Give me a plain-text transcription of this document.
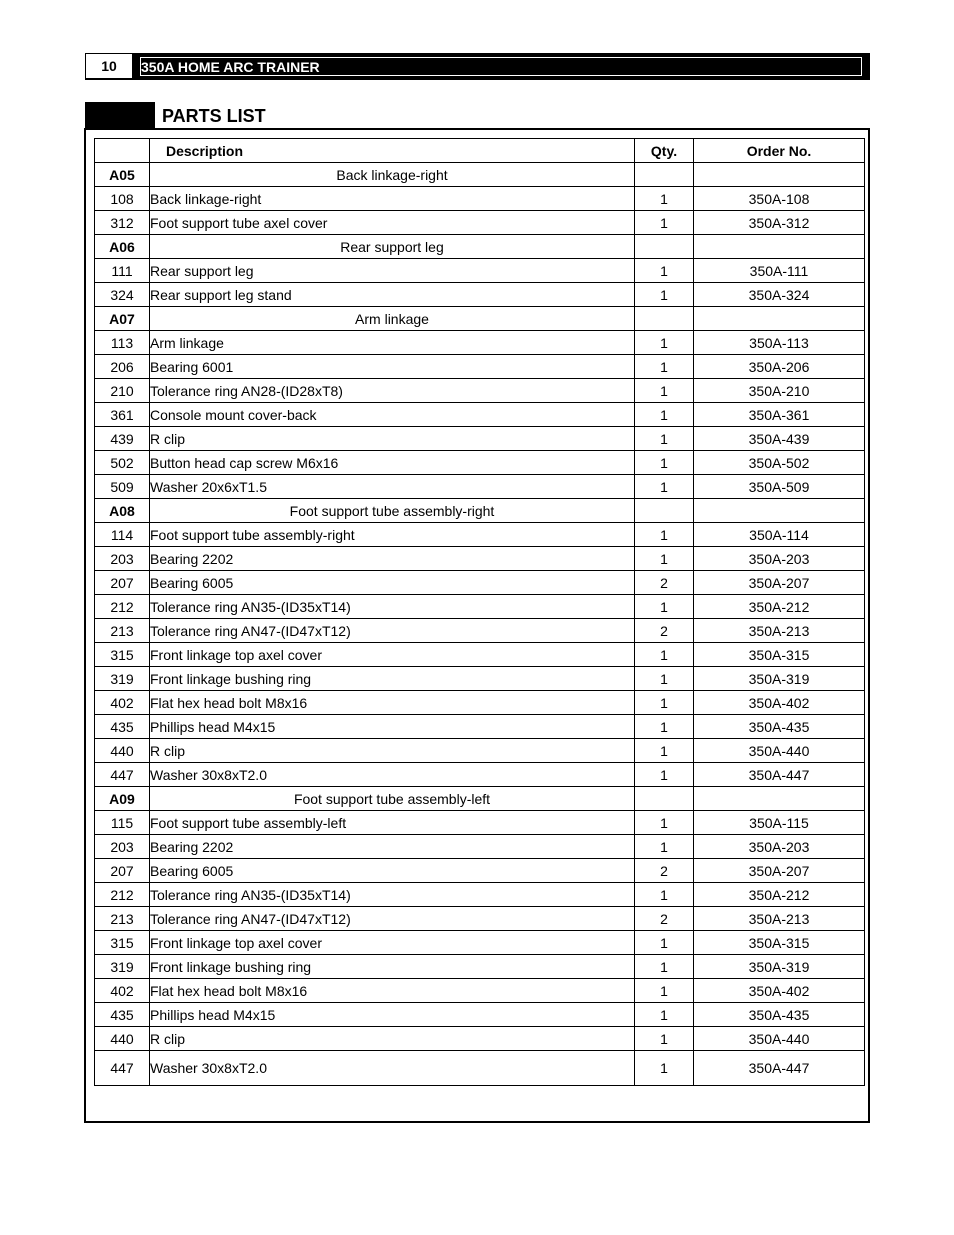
10	350A HOME ARC TRAINER
PARTS LIST
	Description	Qty.	Order No.
A05	Back linkage-right		
108	Back linkage-right	1	350A-108
312	Foot support tube axel cover	1	350A-312
A06	Rear support leg		
111	Rear support leg	1	350A-111
324	Rear support leg stand	1	350A-324
A07	Arm linkage		
113	Arm linkage	1	350A-113
206	Bearing 6001	1	350A-206
210	Tolerance ring AN28-(ID28xT8)	1	350A-210
361	Console mount cover-back	1	350A-361
439	R clip	1	350A-439
502	Button head cap screw M6x16	1	350A-502
509	Washer 20x6xT1.5	1	350A-509
A08	Foot support tube assembly-right		
114	Foot support tube assembly-right	1	350A-114
203	Bearing 2202	1	350A-203
207	Bearing 6005	2	350A-207
212	Tolerance ring AN35-(ID35xT14)	1	350A-212
213	Tolerance ring AN47-(ID47xT12)	2	350A-213
315	Front linkage top axel cover	1	350A-315
319	Front linkage bushing ring	1	350A-319
402	Flat hex head bolt M8x16	1	350A-402
435	Phillips head M4x15	1	350A-435
440	R clip	1	350A-440
447	Washer 30x8xT2.0	1	350A-447
A09	Foot support tube assembly-left		
115	Foot support tube assembly-left	1	350A-115
203	Bearing 2202	1	350A-203
207	Bearing 6005	2	350A-207
212	Tolerance ring AN35-(ID35xT14)	1	350A-212
213	Tolerance ring AN47-(ID47xT12)	2	350A-213
315	Front linkage top axel cover	1	350A-315
319	Front linkage bushing ring	1	350A-319
402	Flat hex head bolt M8x16	1	350A-402
435	Phillips head M4x15	1	350A-435
440	R clip	1	350A-440
447	Washer 30x8xT2.0	1	350A-447
